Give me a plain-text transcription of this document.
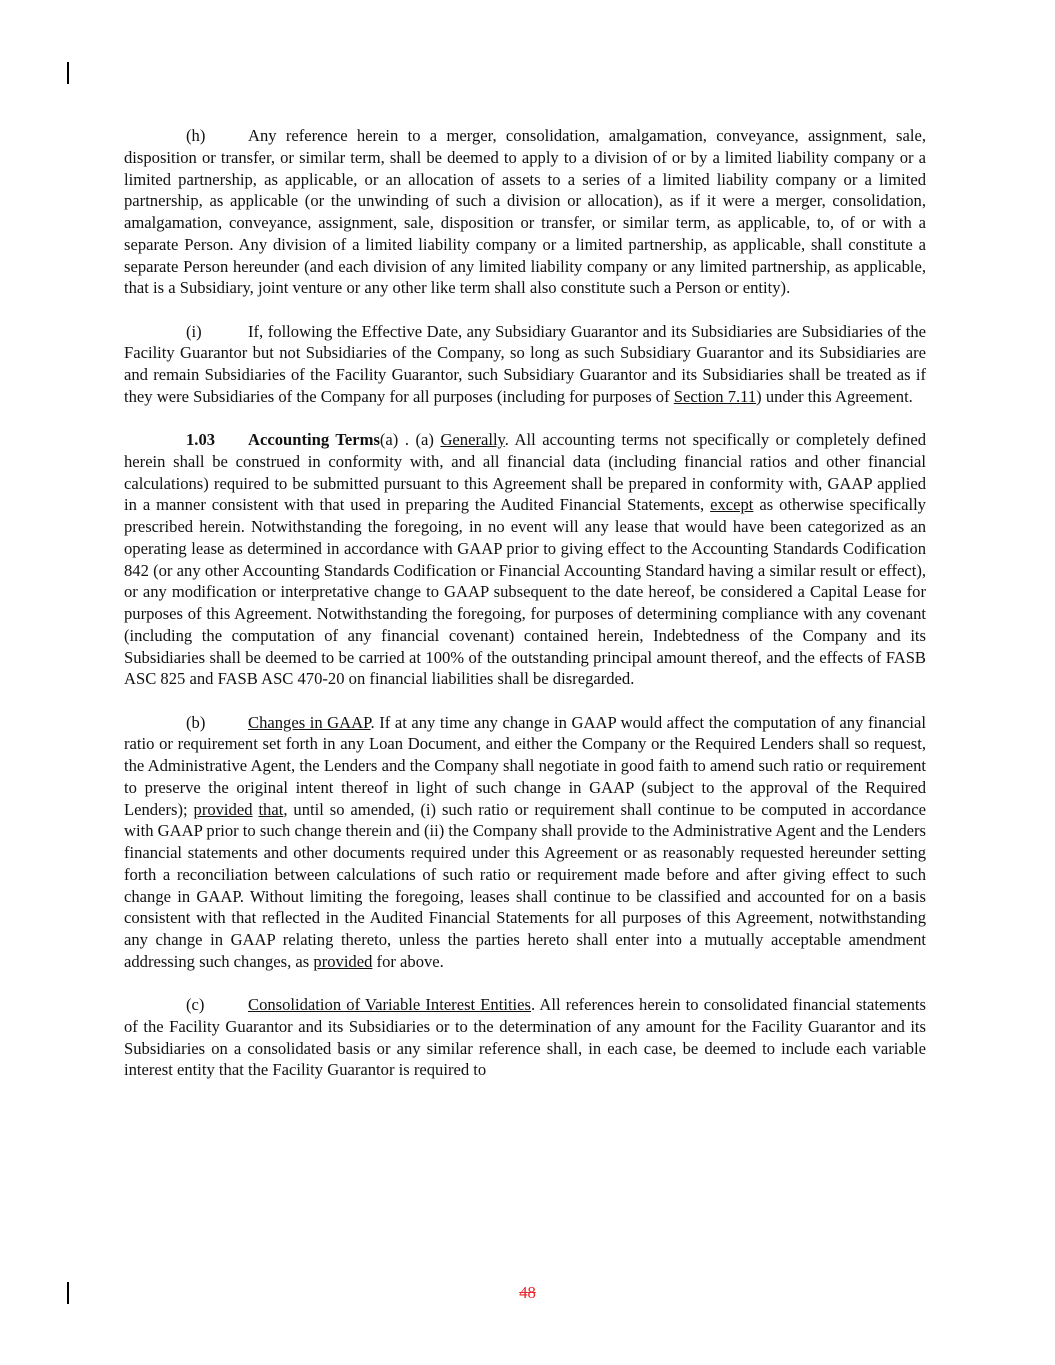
(h)	Any reference herein to a merger, consolidation, amalgamation, conveyance, assignment, sale, disposition or transfer, or similar term, shall be deemed to apply to a division of or by a limited liability company or a limited partnership, as applicable, or an allocation of assets to a series of a limited liability company or a limited partnership, as applicable (or the unwinding of such a division or allocation), as if it were a merger, consolidation, amalgamation, conveyance, assignment, sale, disposition or transfer, or similar term, as applicable, to, of or with a separate Person. Any division of a limited liability company or a limited partnership, as applicable, shall constitute a separate Person hereunder (and each division of any limited liability company or any limited partnership, as applicable, that is a Subsidiary, joint venture or any other like term shall also constitute such a Person or entity).

(i)	If, following the Effective Date, any Subsidiary Guarantor and its Subsidiaries are Subsidiaries of the Facility Guarantor but not Subsidiaries of the Company, so long as such Subsidiary Guarantor and its Subsidiaries are and remain Subsidiaries of the Facility Guarantor, such Subsidiary Guarantor and its Subsidiaries shall be treated as if they were Subsidiaries of the Company for all purposes (including for purposes of Section 7.11) under this Agreement.

1.03 Accounting Terms(a) . (a) Generally. All accounting terms not specifically or completely defined herein shall be construed in conformity with, and all financial data (including financial ratios and other financial calculations) required to be submitted pursuant to this Agreement shall be prepared in conformity with, GAAP applied in a manner consistent with that used in preparing the Audited Financial Statements, except as otherwise specifically prescribed herein. Notwithstanding the foregoing, in no event will any lease that would have been categorized as an operating lease as determined in accordance with GAAP prior to giving effect to the Accounting Standards Codification 842 (or any other Accounting Standards Codification or Financial Accounting Standard having a similar result or effect), or any modification or interpretative change to GAAP subsequent to the date hereof, be considered a Capital Lease for purposes of this Agreement. Notwithstanding the foregoing, for purposes of determining compliance with any covenant (including the computation of any financial covenant) contained herein, Indebtedness of the Company and its Subsidiaries shall be deemed to be carried at 100% of the outstanding principal amount thereof, and the effects of FASB ASC 825 and FASB ASC 470-20 on financial liabilities shall be disregarded.

(b)	Changes in GAAP. If at any time any change in GAAP would affect the computation of any financial ratio or requirement set forth in any Loan Document, and either the Company or the Required Lenders shall so request, the Administrative Agent, the Lenders and the Company shall negotiate in good faith to amend such ratio or requirement to preserve the original intent thereof in light of such change in GAAP (subject to the approval of the Required Lenders); provided that, until so amended, (i) such ratio or requirement shall continue to be computed in accordance with GAAP prior to such change therein and (ii) the Company shall provide to the Administrative Agent and the Lenders financial statements and other documents required under this Agreement or as reasonably requested hereunder setting forth a reconciliation between calculations of such ratio or requirement made before and after giving effect to such change in GAAP. Without limiting the foregoing, leases shall continue to be classified and accounted for on a basis consistent with that reflected in the Audited Financial Statements for all purposes of this Agreement, notwithstanding any change in GAAP relating thereto, unless the parties hereto shall enter into a mutually acceptable amendment addressing such changes, as provided for above.

(c)	Consolidation of Variable Interest Entities. All references herein to consolidated financial statements of the Facility Guarantor and its Subsidiaries or to the determination of any amount for the Facility Guarantor and its Subsidiaries on a consolidated basis or any similar reference shall, in each case, be deemed to include each variable interest entity that the Facility Guarantor is required to

48
